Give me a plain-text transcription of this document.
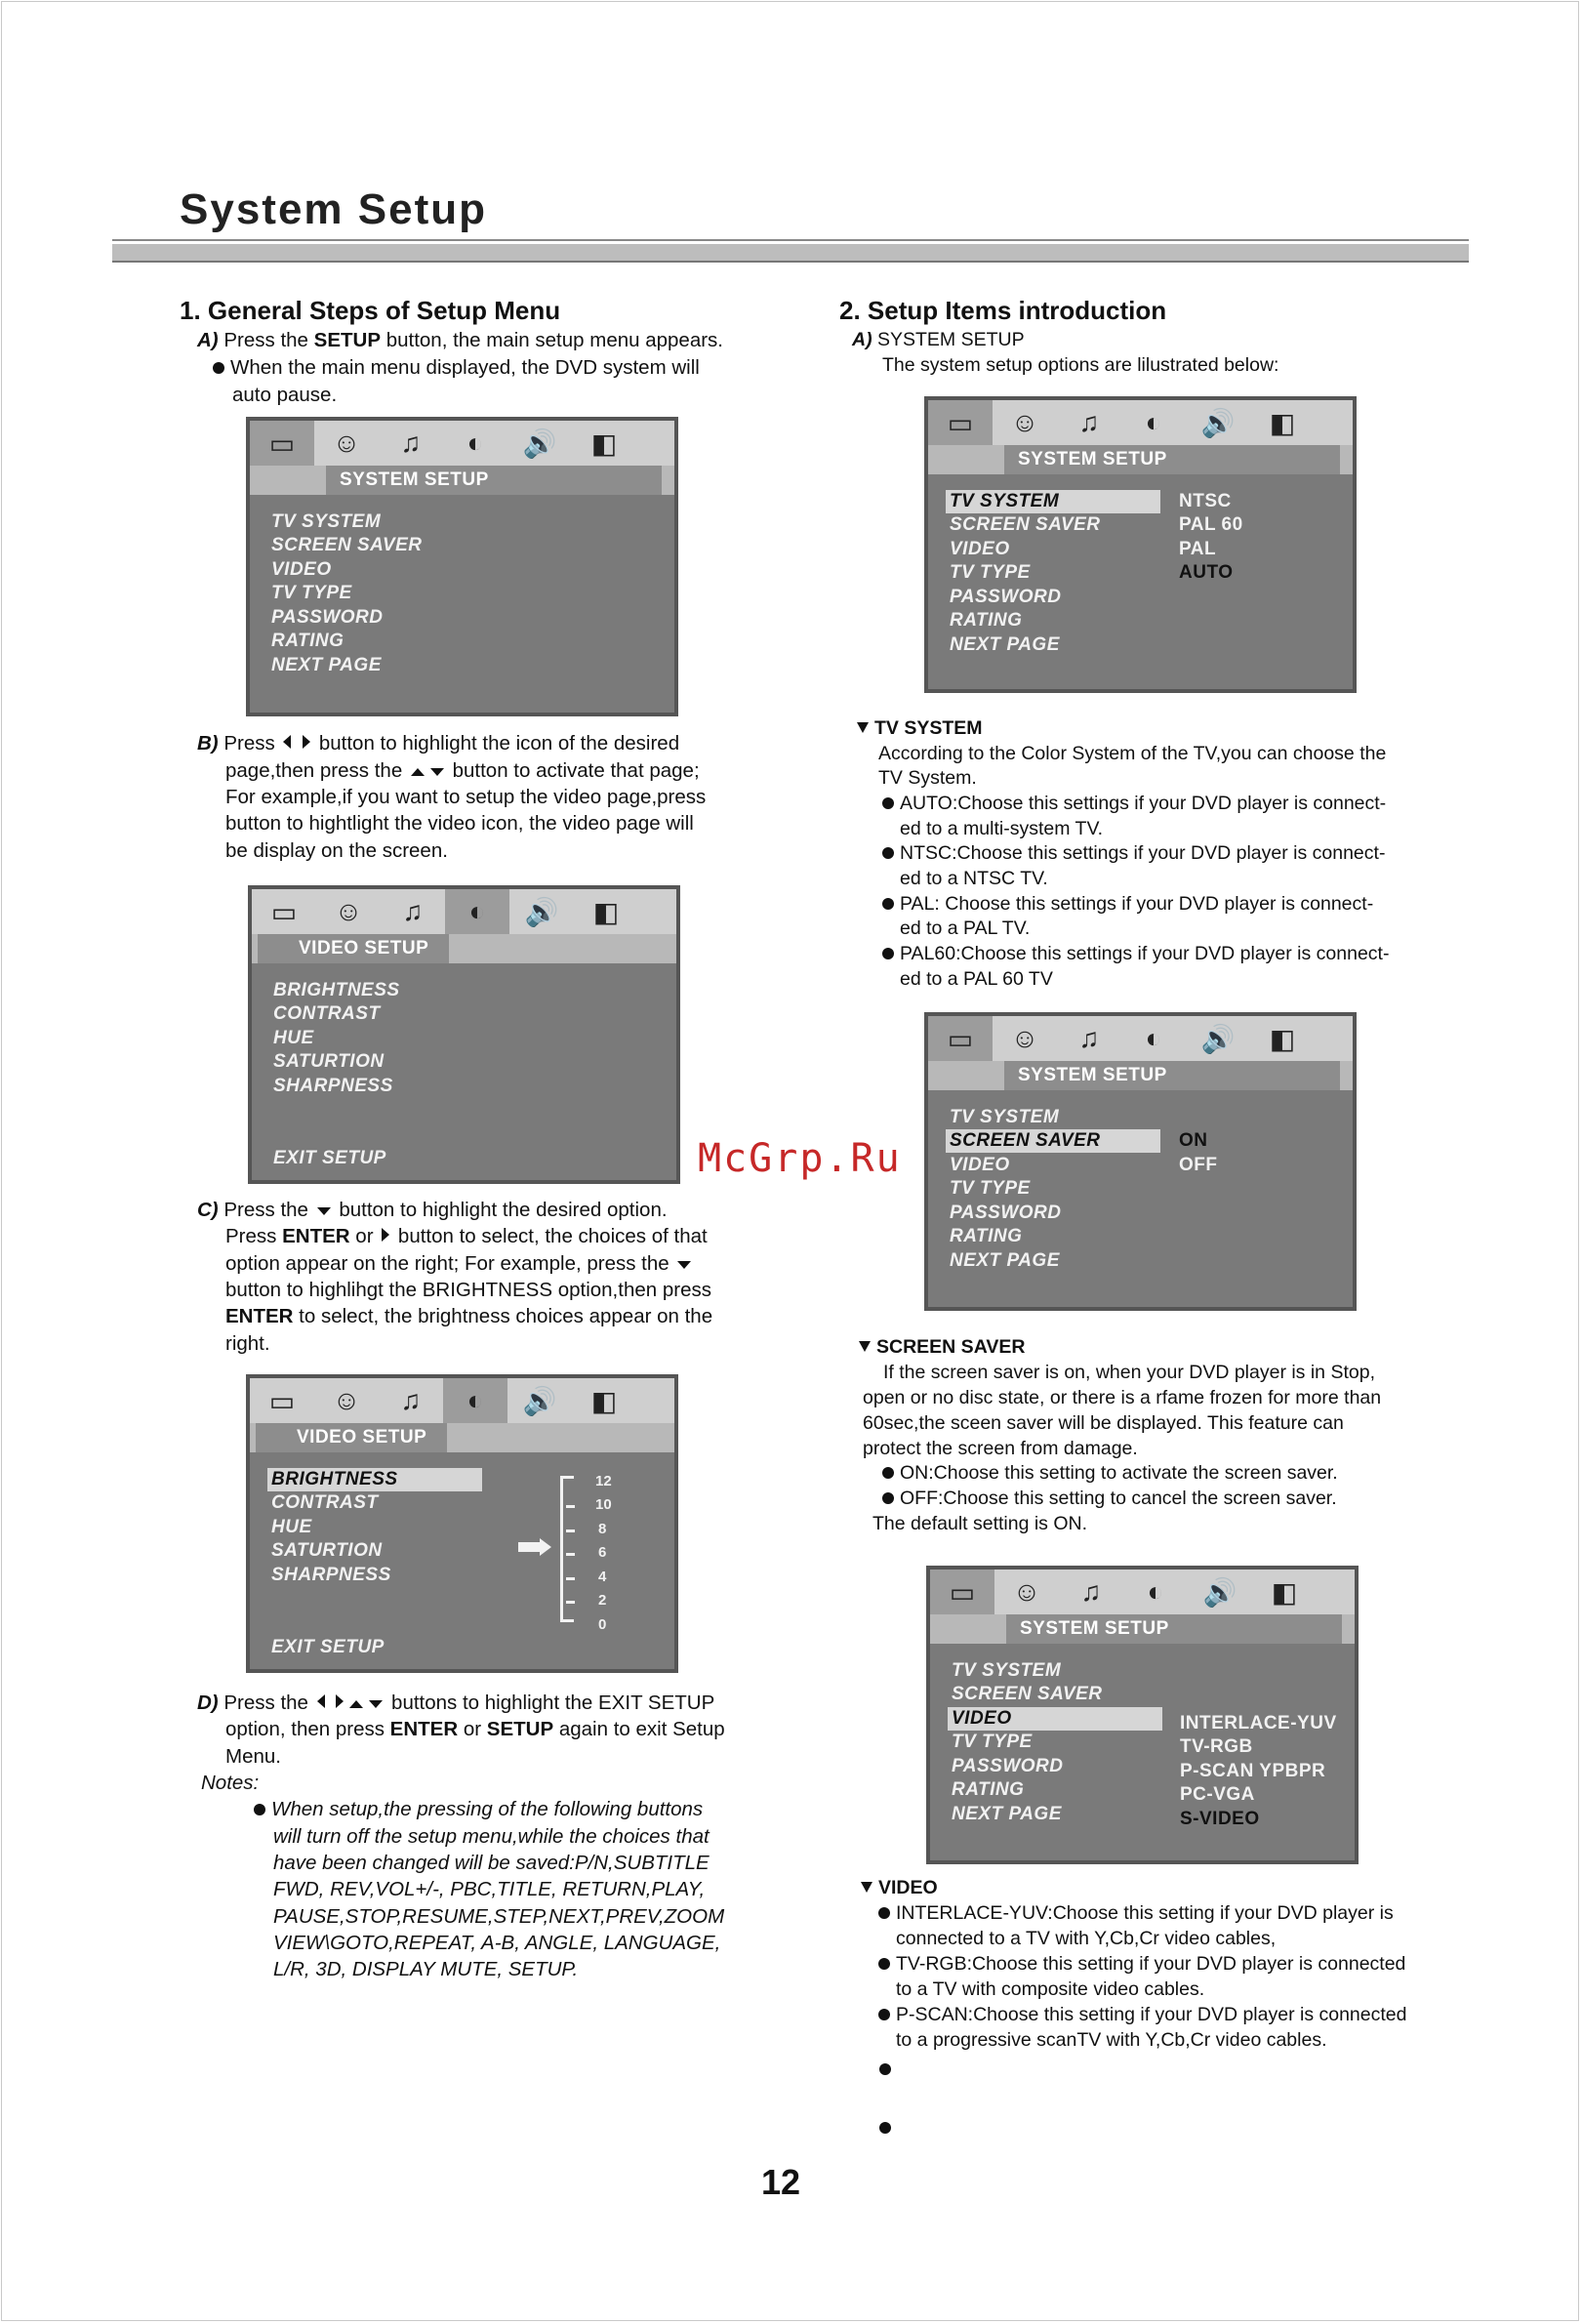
System Setup
1. General Steps of Setup Menu
A) Press the SETUP button, the main setup menu appears.
When the main menu displayed, the DVD system will
auto pause.
▭	☺	♫	◐	🔊	◧
SYSTEM SETUP
TV SYSTEM
SCREEN SAVER
VIDEO
TV TYPE
PASSWORD
RATING
NEXT PAGE
B) Press   button to highlight the icon of the desired
page,then press the  button to activate that page;
For example,if you want to setup the video page,press
button to hightlight the video icon, the video page will
be display on the screen.
▭	☺	♫	◐	🔊	◧
VIDEO SETUP
BRIGHTNESS
CONTRAST
HUE
SATURTION
SHARPNESS
EXIT SETUP	McGrp.Ru
C) Press the  button to highlight the desired option.
Press ENTER or  button to select, the choices of that
option appear on the right; For example, press the
button to highlihgt the BRIGHTNESS option,then press
ENTER to select, the brightness choices appear on the
right.
▭	☺	♫	◐	🔊	◧
VIDEO SETUP
BRIGHTNESS
CONTRAST
HUE
SATURTION
SHARPNESS
EXIT SETUP
12
10
8
6
4
2
0
D) Press the	buttons to highlight the EXIT SETUP
option, then press ENTER or SETUP again to exit Setup
Menu.
Notes:
When setup,the pressing of the following buttons
will turn off the setup menu,while the choices that
have been changed will be saved:P/N,SUBTITLE
FWD, REV,VOL+/-, PBC,TITLE, RETURN,PLAY,
PAUSE,STOP,RESUME,STEP,NEXT,PREV,ZOOM
VIEW\GOTO,REPEAT, A-B, ANGLE, LANGUAGE,
L/R, 3D, DISPLAY MUTE, SETUP.
2. Setup Items introduction
A) SYSTEM SETUP
The system setup options are lilustrated below:
▭	☺	♫	◐	🔊	◧
SYSTEM SETUP
TV SYSTEM
SCREEN SAVER
VIDEO
TV TYPE
PASSWORD
RATING
NEXT PAGE
NTSC
PAL 60
PAL
AUTO
TV SYSTEM
According to the Color System of the TV,you can choose the
TV System.
AUTO:Choose this settings if your DVD player is connect-
ed to a multi-system TV.
NTSC:Choose this settings if your DVD player is connect-
ed to a NTSC TV.
PAL: Choose this settings if your DVD player is connect-
ed to a PAL TV.
PAL60:Choose this settings if your DVD player is connect-
ed to a PAL 60 TV
▭	☺	♫	◐	🔊	◧
SYSTEM SETUP
TV SYSTEM
SCREEN SAVER
VIDEO
TV TYPE
PASSWORD
RATING
NEXT PAGE
ON
OFF
SCREEN SAVER
If the screen saver is on, when your DVD player is in Stop,
open or no disc state, or there is a rfame frozen for more than
60sec,the sceen saver will be displayed. This feature can
protect the screen from damage.
ON:Choose this setting to activate the screen saver.
OFF:Choose this setting to cancel the screen saver.
The default setting is ON.
▭	☺	♫	◐	🔊	◧
SYSTEM SETUP
TV SYSTEM
SCREEN SAVER
VIDEO
TV TYPE
PASSWORD
RATING
NEXT PAGE
INTERLACE-YUV
TV-RGB
P-SCAN YPBPR
PC-VGA
S-VIDEO
VIDEO
INTERLACE-YUV:Choose this setting if your DVD player is
connected to a TV with Y,Cb,Cr video cables,
TV-RGB:Choose this setting if your DVD player is connected
to a TV with composite video cables.
P-SCAN:Choose this setting if your DVD player is connected
to a progressive scanTV with Y,Cb,Cr video cables.
12
